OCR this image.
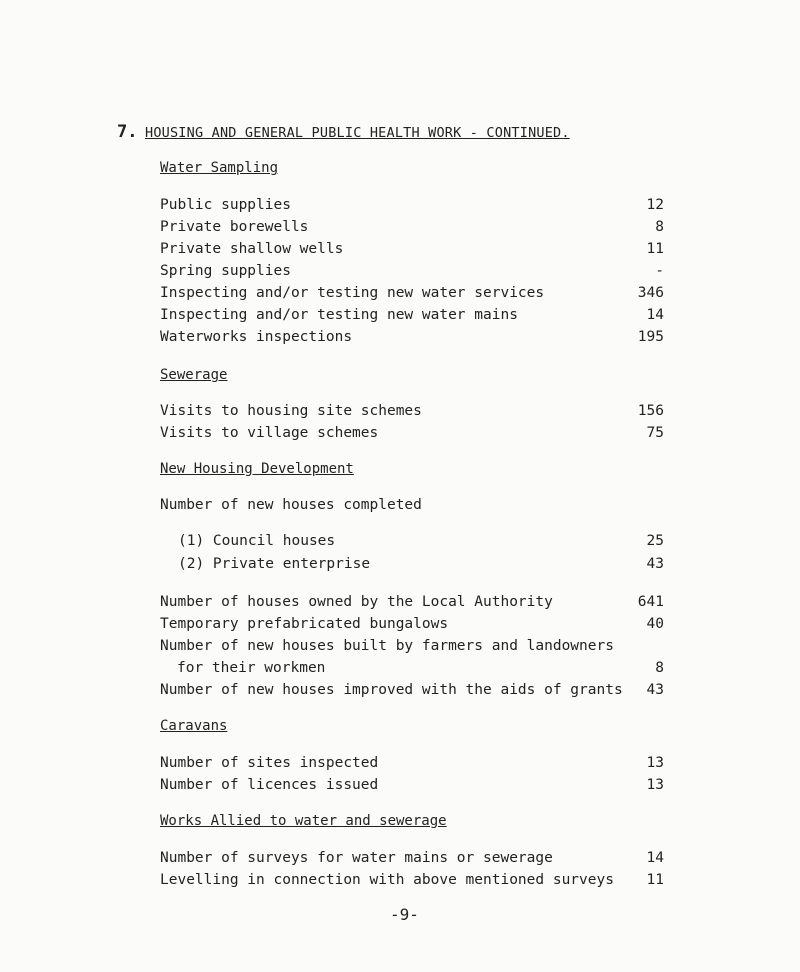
7. HOUSING AND GENERAL PUBLIC HEALTH WORK - CONTINUED.
Water Sampling
Public supplies	12
Private borewells	8
Private shallow wells	11
Spring supplies	-
Inspecting and/or testing new water services	346
Inspecting and/or testing new water mains	14
Waterworks inspections	195
Sewerage
Visits to housing site schemes	156
Visits to village schemes	75
New Housing Development
Number of new houses completed
(1) Council houses	25
(2) Private enterprise	43
Number of houses owned by the Local Authority	641
Temporary prefabricated bungalows	40
Number of new houses built by farmers and landowners
for their workmen	8
Number of new houses improved with the aids of grants	43
Caravans
Number of sites inspected	13
Number of licences issued	13
Works Allied to water and sewerage
Number of surveys for water mains or sewerage	14
Levelling in connection with above mentioned surveys	11
-9-
